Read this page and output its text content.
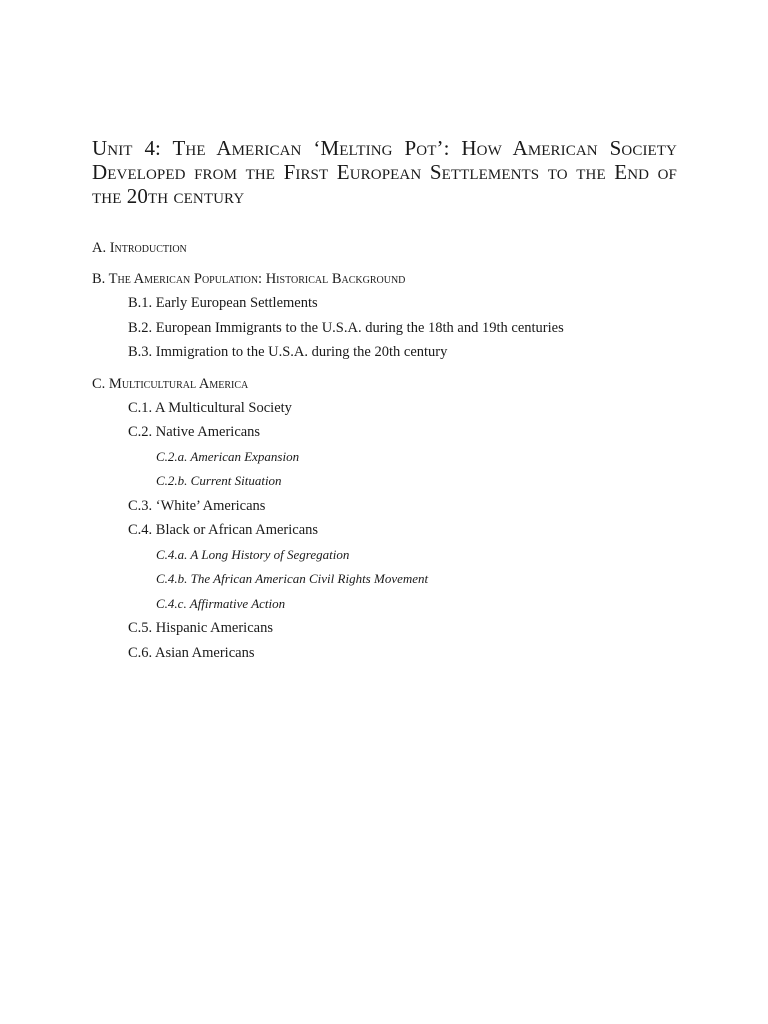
Unit 4: The American ‘Melting Pot’: How American Society Developed from the First European Settlements to the End of the 20th century
A. Introduction
B. The American Population: Historical Background
B.1. Early European Settlements
B.2. European Immigrants to the U.S.A. during the 18th and 19th centuries
B.3. Immigration to the U.S.A. during the 20th century
C. Multicultural America
C.1. A Multicultural Society
C.2. Native Americans
C.2.a. American Expansion
C.2.b. Current Situation
C.3. ‘White’ Americans
C.4. Black or African Americans
C.4.a. A Long History of Segregation
C.4.b. The African American Civil Rights Movement
C.4.c. Affirmative Action
C.5. Hispanic Americans
C.6. Asian Americans
